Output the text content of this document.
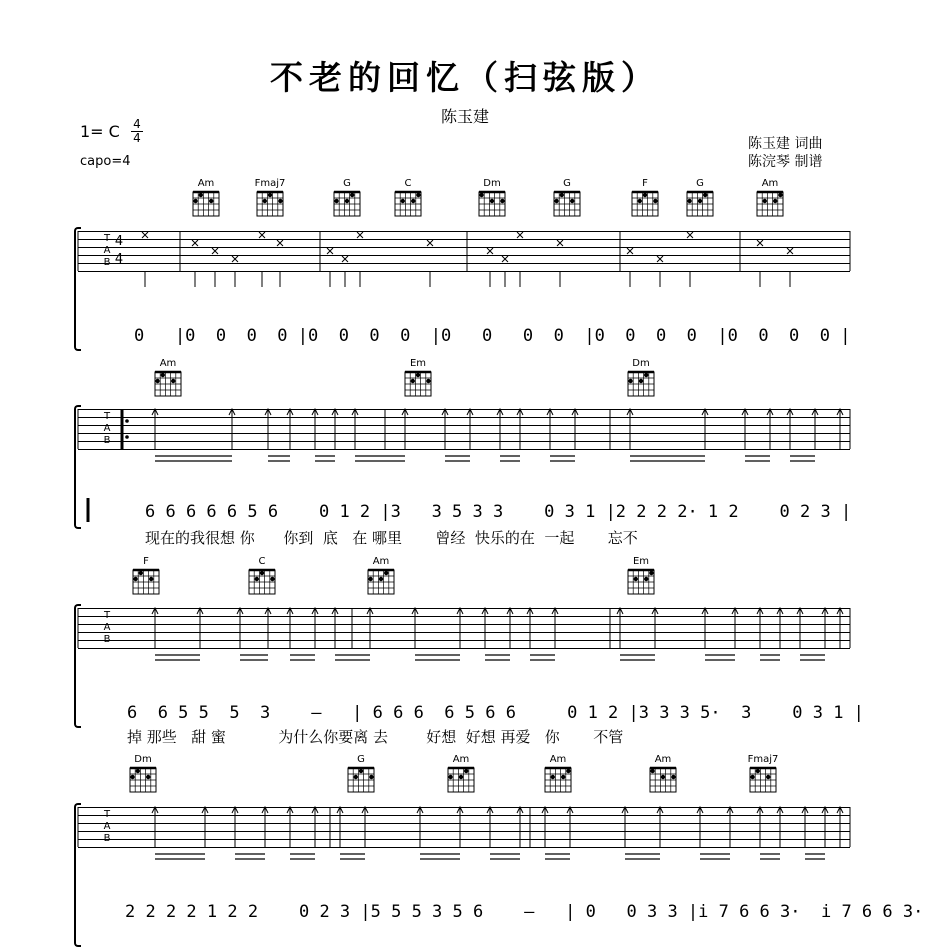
不老的回忆（扫弦版）
陈玉建
1= C 4
4
capo=4
陈玉建 词曲
陈浣琴 制谱
T
A
B
4
4
0   |0  0  0  0 |0  0  0  0  |0   0   0  0  |0  0  0  0  |0  0  0  0 |
T
A
B
6 6 6 6 6 5 6    0 1 2 |3   3 5 3 3    0 3 1 |2 2 2 2· 1 2    0 2 3 |
现在的我很想 你      你到  底   在 哪里       曾经  快乐的在  一起       忘不
T
A
B
6  6 5 5  5  3    —   | 6 6 6  6 5 6 6     0 1 2 |3 3 3 5·  3    0 3 1 |
掉 那些   甜 蜜           为什么你要离 去        好想  好想 再爱   你       不管
T
A
B
2 2 2 2 1 2 2    0 2 3 |5 5 5 3 5 6    —   | 0   0 3 3 |i 7 6 6 3·  i 7 6 6 3·
Am	Fmaj7	G	C	Dm	G	F	G	Am
Am	Em	Dm
F	C	Am	Em
Dm	G	Am	Am	Am	Fmaj7
